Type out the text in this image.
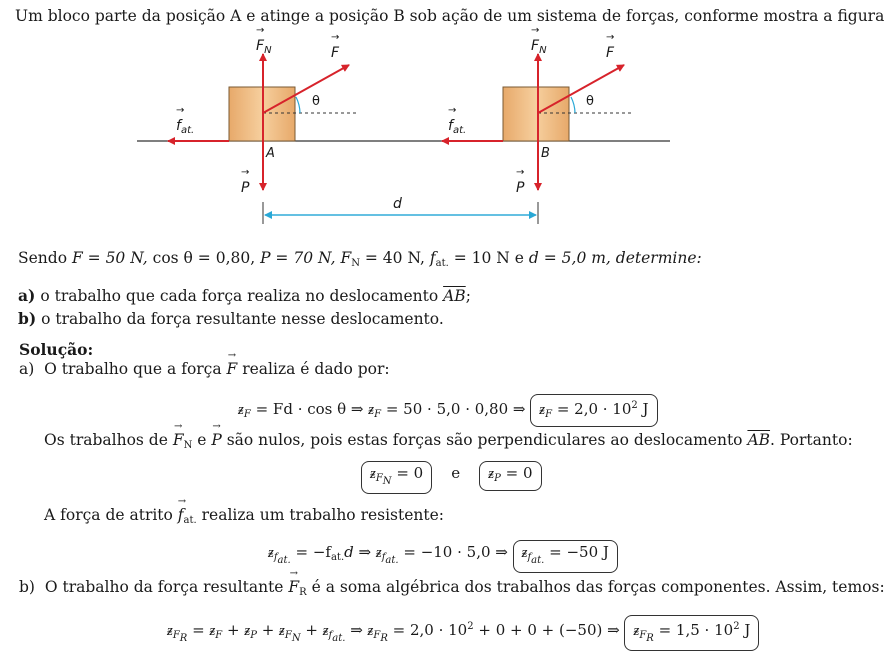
Um bloco parte da posição A e atinge a posição B sob ação de um sistema de forças, conforme mostra a figura
→ $F_N$	→ F
θ
→ $f_{at.}$
A
→ P
→ $F_N$	→ F
θ
→ $f_{at.}$
B
→ P
d
Sendo F = 50 N, cos θ = 0,80, P = 70 N, $F_N = 40$ N, $f_{at.} = 10$ N e d = 5,0 m, determine:
a) o trabalho que cada força realiza no deslocamento $\overline{AB}$;
b) o trabalho da força resultante nesse deslocamento.
Solução:
a) O trabalho que a força → F realiza é dado por:
ᵶ$_F$ = Fd · cos θ ⇒ ᵶ$_F$ = 50 · 5,0 · 0,80 ⇒ ᵶ$_F$ = $2,0 \cdot 10^2$ J
Os trabalhos de → $F_N$ e → P são nulos, pois estas forças são perpendiculares ao deslocamento $\overline{AB}$. Portanto:
ᵶ$_{F_N}$ = 0 e ᵶ$_P$ = 0
A força de atrito → $f_{at.}$ realiza um trabalho resistente:
ᵶ$_{f_{at.}}$ = $-f_{at.}d$ ⇒ ᵶ$_{f_{at.}}$ = −10 · 5,0 ⇒ ᵶ$_{f_{at.}}$ = −50 J
b) O trabalho da força resultante → $F_R$ é a soma algébrica dos trabalhos das forças componentes. Assim, temos:
ᵶ$_{F_R}$ = ᵶ$_F$ + ᵶ$_P$ + ᵶ$_{F_N}$ + ᵶ$_{f_{at.}}$ ⇒ ᵶ$_{F_R}$ = $2,0 \cdot 10^2 + 0 + 0 + (-50)$ ⇒ ᵶ$_{F_R}$ = $1,5 \cdot 10^2$ J
